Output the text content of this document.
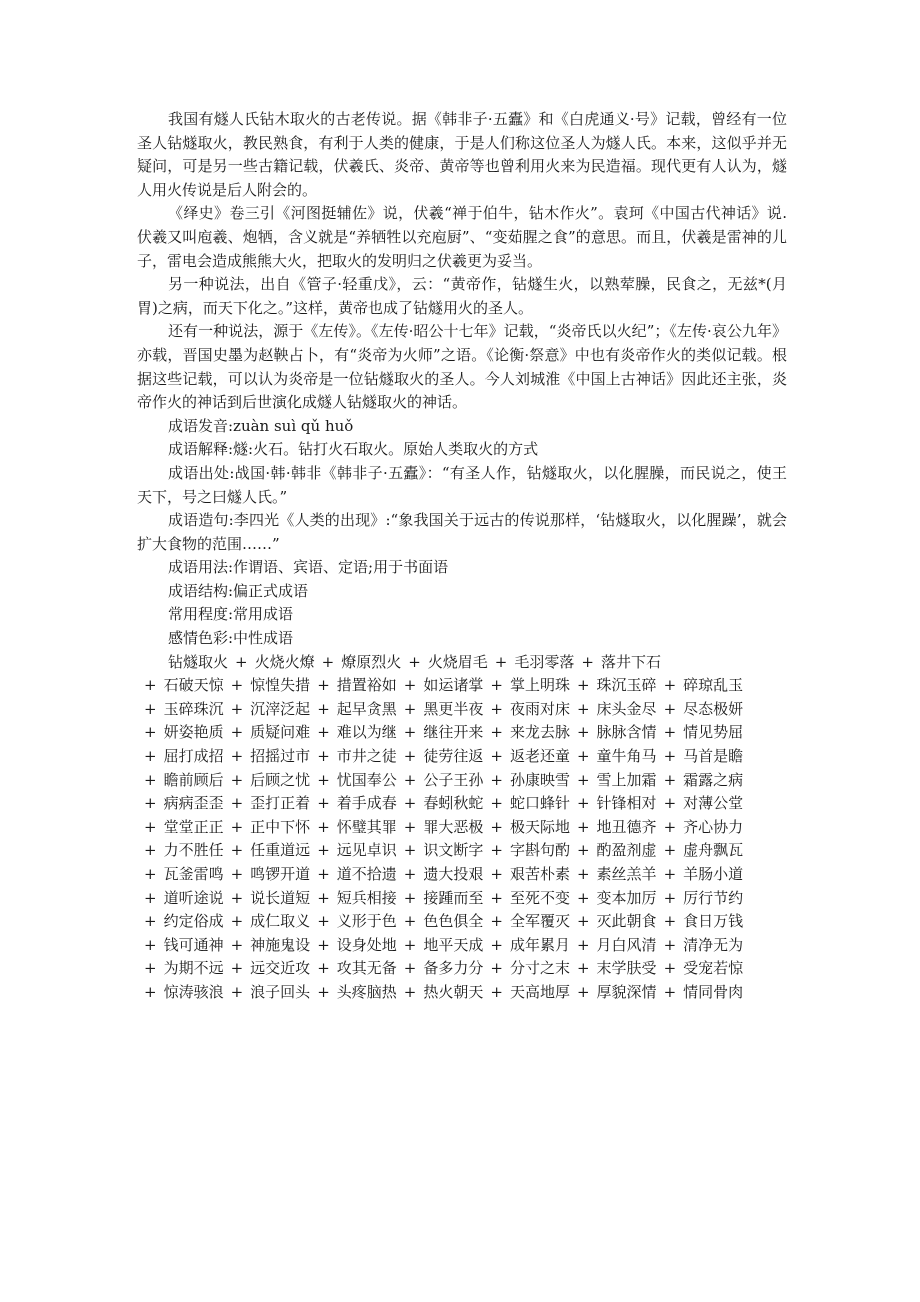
我国有燧人氏钻木取火的古老传说。据《韩非子·五蠹》和《白虎通义·号》记载，曾经有一位圣人钻燧取火，教民熟食，有利于人类的健康，于是人们称这位圣人为燧人氏。本来，这似乎并无疑问，可是另一些古籍记载，伏羲氏、炎帝、黄帝等也曾利用火来为民造福。现代更有人认为，燧人用火传说是后人附会的。

《绎史》卷三引《河图挺辅佐》说，伏羲“禅于伯牛，钻木作火”。袁珂《中国古代神话》说.伏羲又叫庖羲、炮牺，含义就是“养牺牲以充庖厨”、“变茹腥之食”的意思。而且，伏羲是雷神的儿子，雷电会造成熊熊大火，把取火的发明归之伏羲更为妥当。

另一种说法，出自《管子·轻重戊》，云：“黄帝作，钻燧生火，以熟荤臊，民食之，无兹*(月胃)之病，而天下化之。”这样，黄帝也成了钻燧用火的圣人。

还有一种说法，源于《左传》。《左传·昭公十七年》记载，“炎帝氏以火纪”；《左传·哀公九年》亦载，晋国史墨为赵鞅占卜，有“炎帝为火师”之语。《论衡·祭意》中也有炎帝作火的类似记载。根据这些记载，可以认为炎帝是一位钻燧取火的圣人。今人刘城淮《中国上古神话》因此还主张，炎帝作火的神话到后世演化成燧人钻燧取火的神话。

成语发音:zuàn suì qǔ huǒ

成语解释:燧:火石。钻打火石取火。原始人类取火的方式

成语出处:战国·韩·韩非《韩非子·五蠹》：“有圣人作，钻燧取火，以化腥臊，而民说之，使王天下，号之曰燧人氏。”

成语造句:李四光《人类的出现》:“象我国关于远古的传说那样，‘钻燧取火，以化腥躁’，就会扩大食物的范围……”

成语用法:作谓语、宾语、定语;用于书面语

成语结构:偏正式成语

常用程度:常用成语

感情色彩:中性成语

钻燧取火 + 火烧火燎 + 燎原烈火 + 火烧眉毛 + 毛羽零落 + 落井下石
+ 石破天惊 + 惊惶失措 + 措置裕如 + 如运诸掌 + 掌上明珠 + 珠沉玉碎 + 碎琼乱玉
+ 玉碎珠沉 + 沉滓泛起 + 起早贪黑 + 黑更半夜 + 夜雨对床 + 床头金尽 + 尽态极妍
+ 妍姿艳质 + 质疑问难 + 难以为继 + 继往开来 + 来龙去脉 + 脉脉含情 + 情见势屈
+ 屈打成招 + 招摇过市 + 市井之徒 + 徒劳往返 + 返老还童 + 童牛角马 + 马首是瞻
+ 瞻前顾后 + 后顾之忧 + 忧国奉公 + 公子王孙 + 孙康映雪 + 雪上加霜 + 霜露之病
+ 病病歪歪 + 歪打正着 + 着手成春 + 春蚓秋蛇 + 蛇口蜂针 + 针锋相对 + 对薄公堂
+ 堂堂正正 + 正中下怀 + 怀璧其罪 + 罪大恶极 + 极天际地 + 地丑德齐 + 齐心协力
+ 力不胜任 + 任重道远 + 远见卓识 + 识文断字 + 字斟句酌 + 酌盈剂虚 + 虚舟飘瓦
+ 瓦釜雷鸣 + 鸣锣开道 + 道不拾遗 + 遗大投艰 + 艰苦朴素 + 素丝羔羊 + 羊肠小道
+ 道听途说 + 说长道短 + 短兵相接 + 接踵而至 + 至死不变 + 变本加厉 + 厉行节约
+ 约定俗成 + 成仁取义 + 义形于色 + 色色俱全 + 全军覆灭 + 灭此朝食 + 食日万钱
+ 钱可通神 + 神施鬼设 + 设身处地 + 地平天成 + 成年累月 + 月白风清 + 清净无为
+ 为期不远 + 远交近攻 + 攻其无备 + 备多力分 + 分寸之末 + 末学肤受 + 受宠若惊
+ 惊涛骇浪 + 浪子回头 + 头疼脑热 + 热火朝天 + 天高地厚 + 厚貌深情 + 情同骨肉
